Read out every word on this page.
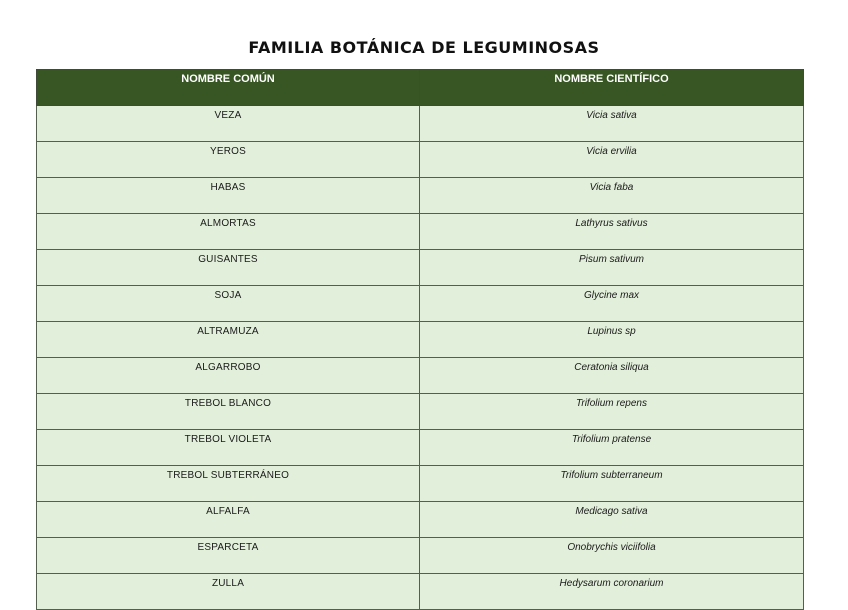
FAMILIA BOTÁNICA DE LEGUMINOSAS
NOMBRE COMÚN	NOMBRE CIENTÍFICO
VEZA	Vicia sativa
YEROS	Vicia ervilia
HABAS	Vicia faba
ALMORTAS	Lathyrus sativus
GUISANTES	Pisum sativum
SOJA	Glycine max
ALTRAMUZA	Lupinus sp
ALGARROBO	Ceratonia siliqua
TREBOL BLANCO	Trifolium repens
TREBOL VIOLETA	Trifolium pratense
TREBOL SUBTERRÁNEO	Trifolium subterraneum
ALFALFA	Medicago sativa
ESPARCETA	Onobrychis viciifolia
ZULLA	Hedysarum coronarium
